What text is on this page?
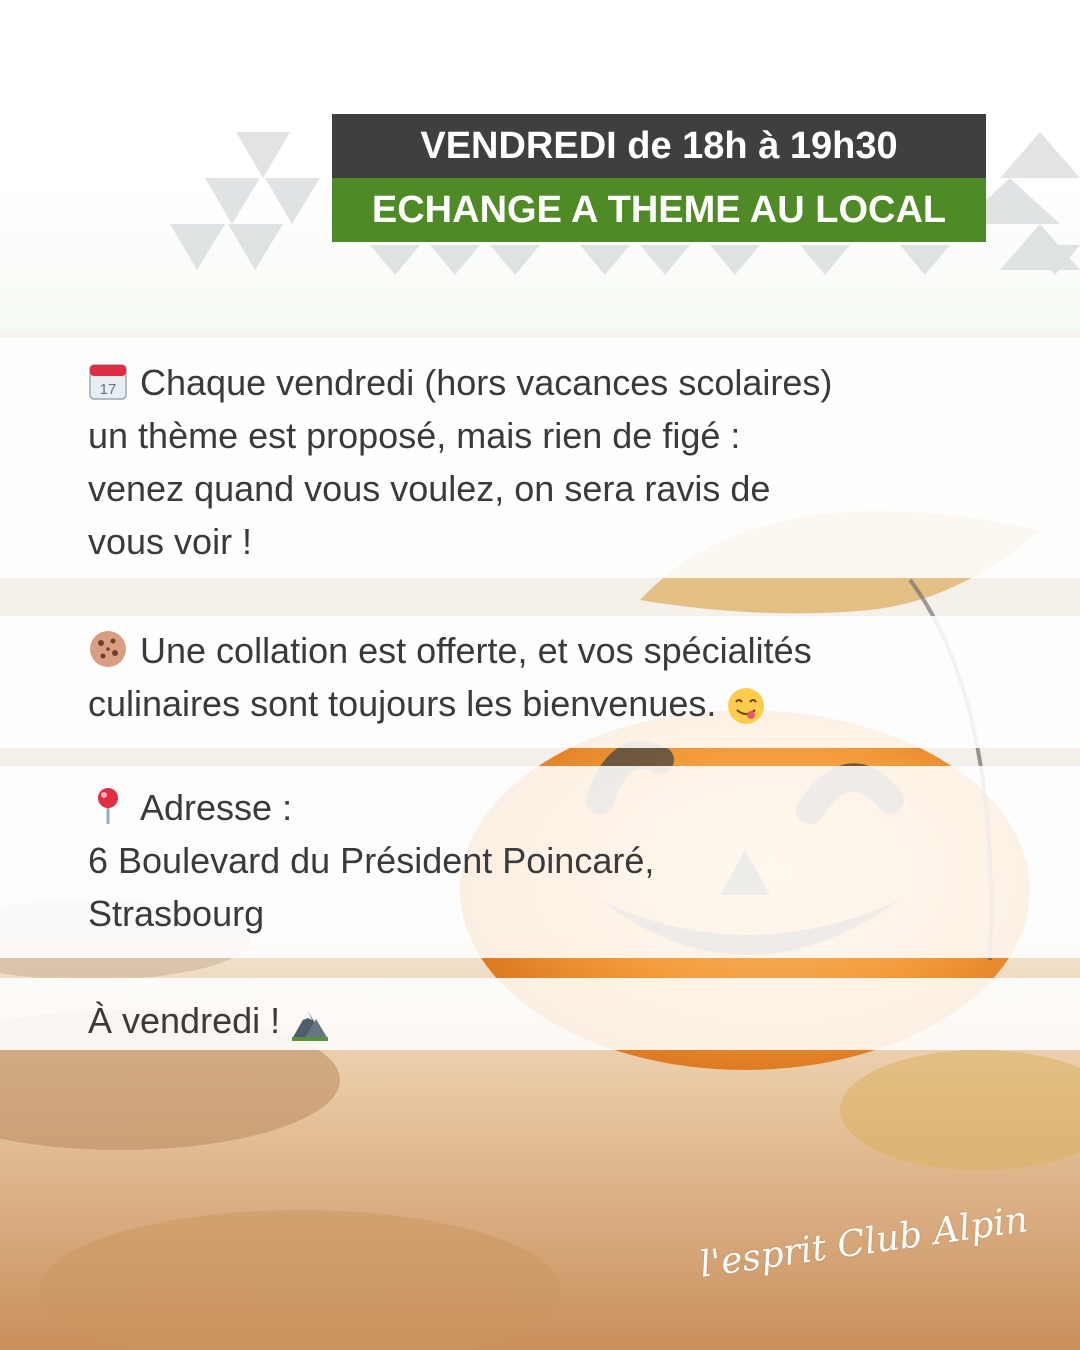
VENDREDI de 18h à 19h30
ECHANGE A THEME AU LOCAL
17 Chaque vendredi (hors vacances scolaires)
un thème est proposé, mais rien de figé :
venez quand vous voulez, on sera ravis de
vous voir !
Une collation est offerte, et vos spécialités
culinaires sont toujours les bienvenues.
Adresse :
6 Boulevard du Président Poincaré,
Strasbourg
À vendredi !
l'esprit Club Alpin
